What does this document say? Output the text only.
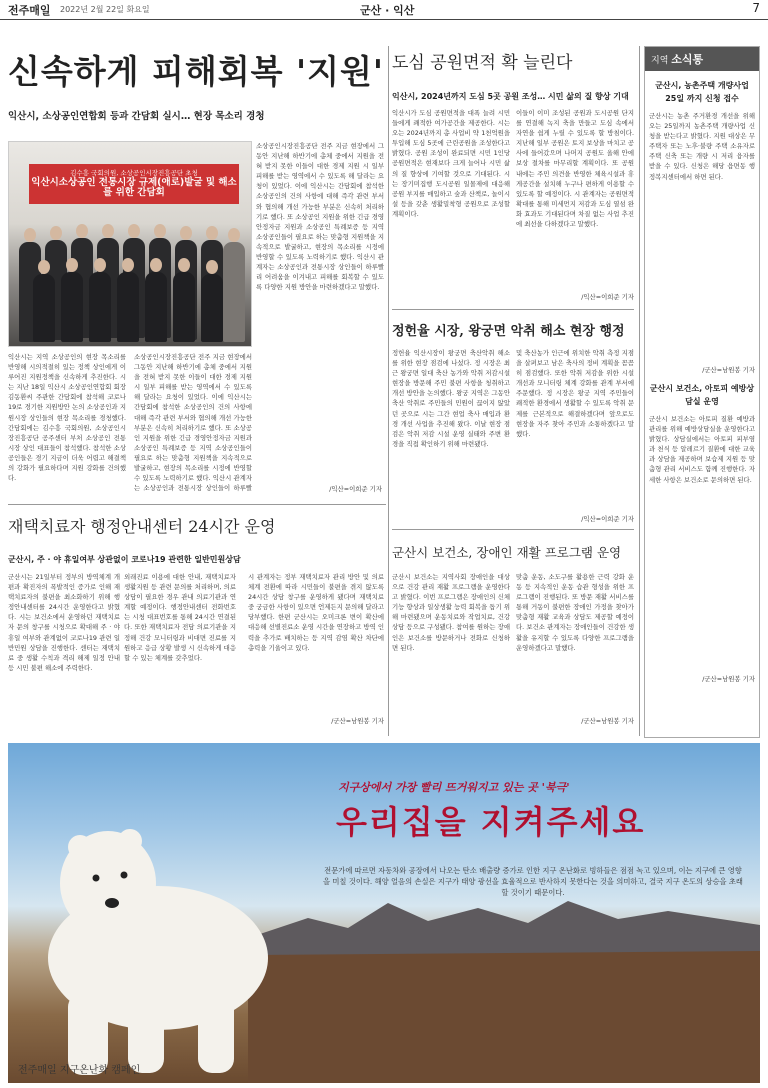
전주매일 2022년 2월 22일 화요일	군산 · 익산	7
신속하게 피해회복 '지원'
익산시, 소상공인연합회 등과 간담회 실시… 현장 목소리 경청
김수흥 국회의원, 소상공인시장진흥공단 초청
익산시소상공인 전통시장 규제(애로)발굴 및 해소를 위한 간담회
소상공인시장진흥공단 전주 지금 현장에서 그동안 지난해 하반기에 총체 중에서 지원을 전혀 받지 못한 이들이 대한 경제 지원 시 일부 피해를 받는 영역에서 수 있도록 해 달라는 요청이 있었다. 이에 익산시는 간담회에 참석한 소상공인의 건의 사항에 대해 즉각 관련 부서와 협의해 개선 가능한 부분은 신속히 처리하기로 했다. 또 소상공인 지원을 위한 긴급 경영안정자금 지원과 소상공인 특례보증 등 지역 소상공인들이 필요로 하는 맞춤형 지원책을 지속적으로 발굴하고, 현장의 목소리를 시정에 반영할 수 있도록 노력하기로 했다. 익산시 관계자는 소상공인과 전통시장 상인들이 하루빨리 어려움을 이겨내고 피해를 회복할 수 있도록 다양한 지원 방안을 마련하겠다고 말했다.
익산시는 지역 소상공인의 현장 목소리를 반영해 시의적절히 있는 정책 상인에게 이루어진 지원정책을 신속하게 추진한다. 시는 지난 18일 익산시 소상공인연합회 회장 김동환씨 주관한 간담회에 참석해 코로나19로 경기한 지원방안 논의 소상공인과 지원시장 상인들의 현장 목소리를 경청했다. 간담회에는 김수흥 국회의원, 소상공인시장진흥공단 공주센터 부처 소상공인 전통시장 상인 대표들이 참석했다. 참석한 소상공인들은 경기 지금이 더욱 어렵고 해결책의 강화가 필요하다며 지원 강화를 건의했다.
소상공인시장진흥공단 전주 지금 현장에서 그동안 지난해 하반기에 총체 중에서 지원을 전혀 받지 못한 이들이 대한 경제 지원 시 일부 피해를 받는 영역에서 수 있도록 해 달라는 요청이 있었다. 이에 익산시는 간담회에 참석한 소상공인의 건의 사항에 대해 즉각 관련 부서와 협의해 개선 가능한 부분은 신속히 처리하기로 했다. 또 소상공인 지원을 위한 긴급 경영안정자금 지원과 소상공인 특례보증 등 지역 소상공인들이 필요로 하는 맞춤형 지원책을 지속적으로 발굴하고, 현장의 목소리를 시정에 반영할 수 있도록 노력하기로 했다. 익산시 관계자는 소상공인과 전통시장 상인들이 하루빨	/익산=이희준 기자
도심 공원면적 확 늘린다
익산시, 2024년까지 도심 5곳 공원 조성… 시민 삶의 질 향상 기대
익산시가 도심 공원면적을 대폭 늘려 시민들에게 쾌적한 여가공간을 제공한다. 시는 오는 2024년까지 총 사업비 약 1천억원을 투입해 도심 5곳에 근린공원을 조성한다고 밝혔다. 공원 조성이 완료되면 시민 1인당 공원면적은 현재보다 크게 늘어나 시민 삶의 질 향상에 기여할 것으로 기대된다. 시는 장기미집행 도시공원 일몰제에 대응해 공원 부지를 매입하고 숲과 산책로, 놀이시설 등을 갖춘 생활밀착형 공원으로 조성할 계획이다.
이들이 이미 조성된 공원과 도시공원 단지를 연결해 녹지 축을 만들고 도심 속에서 자연을 쉽게 누릴 수 있도록 할 방침이다. 지난해 일부 공원은 토지 보상을 마치고 공사에 들어갔으며 나머지 공원도 올해 안에 보상 절차를 마무리할 계획이다. 또 공원 내에는 주민 의견을 반영한 체육시설과 휴게공간을 설치해 누구나 편하게 이용할 수 있도록 할 예정이다. 시 관계자는 공원면적 확대를 통해 미세먼지 저감과 도심 열섬 완화 효과도 기대된다며 차질 없는 사업 추진에 최선을 다하겠다고 말했다.
/익산=이희준 기자
정헌율 시장, 왕궁면 악취 해소 현장 행정
정헌율 익산시장이 왕궁면 축산악취 해소를 위한 현장 점검에 나섰다. 정 시장은 최근 왕궁면 일대 축산 농가와 악취 저감시설 현장을 방문해 주민 불편 사항을 청취하고 개선 방안을 논의했다. 왕궁 지역은 그동안 축산 악취로 주민들의 민원이 끊이지 않았던 곳으로 시는 그간 현업 축사 매입과 환경 개선 사업을 추진해 왔다. 이날 현장 점검은 악취 저감 시설 운영 실태와 주변 환경을 직접 확인하기 위해 마련됐다.
및 축산농가 인근에 위치한 악취 측정 지점을 살펴보고 남은 축사의 정비 계획을 꼼꼼히 점검했다. 또한 악취 저감을 위한 시설 개선과 모니터링 체계 강화를 관계 부서에 주문했다. 정 시장은 왕궁 지역 주민들이 쾌적한 환경에서 생활할 수 있도록 악취 문제를 근본적으로 해결하겠다며 앞으로도 현장을 자주 찾아 주민과 소통하겠다고 말했다.
/익산=이희준 기자
재택치료자 행정안내센터 24시간 운영
군산시, 주 · 야 휴일여부 상관없이 코로나19 관련한 일반민원상담
군산시는 21일부터 정부의 방역체계 개편과 확진자의 폭발적인 증가로 인해 재택치료자의 불편을 최소화하기 위해 행정안내센터를 24시간 운영한다고 밝혔다. 시는 보건소에서 운영하던 재택치료자 문의 창구를 시청으로 확대해 주 · 야 휴일 여부와 관계없이 코로나19 관련 일반민원 상담을 진행한다. 센터는 재택치료 중 생활 수칙과 격리 해제 일정 안내 등 시민 불편 해소에 주력한다.
외래진료 이용에 대한 안내, 재택치료자 생활지원 등 관련 문의를 처리하며, 의료 상담이 필요한 경우 관내 의료기관과 연계할 예정이다. 행정안내센터 전화번호는 시청 대표번호를 통해 24시간 연결된다. 또한 재택치료자 전담 의료기관을 지정해 건강 모니터링과 비대면 진료를 지원하고 응급 상황 발생 시 신속하게 대응할 수 있는 체계를 갖추었다.
시 관계자는 정부 재택치료자 관리 방안 및 의료체계 전환에 따라 시민들이 불편을 겪지 않도록 24시간 상담 창구를 운영하게 됐다며 재택치료 중 궁금한 사항이 있으면 언제든지 문의해 달라고 당부했다. 한편 군산시는 오미크론 변이 확산에 대응해 선별진료소 운영 시간을 연장하고 방역 인력을 추가로 배치하는 등 지역 감염 확산 차단에 총력을 기울이고 있다.
/군산=남원봉 기자
군산시 보건소, 장애인 재활 프로그램 운영
군산시 보건소는 지역사회 장애인을 대상으로 건강 관리 재활 프로그램을 운영한다고 밝혔다. 이번 프로그램은 장애인의 신체 기능 향상과 일상생활 능력 회복을 돕기 위해 마련됐으며 운동치료와 작업치료, 건강 상담 등으로 구성됐다. 참여를 원하는 장애인은 보건소를 방문하거나 전화로 신청하면 된다.
맞춤 운동, 소도구를 활용한 근력 강화 운동 등 지속적인 운동 습관 형성을 위한 프로그램이 진행된다. 또 방문 재활 서비스를 통해 거동이 불편한 장애인 가정을 찾아가 맞춤형 재활 교육과 상담도 제공할 예정이다. 보건소 관계자는 장애인들이 건강한 생활을 유지할 수 있도록 다양한 프로그램을 운영하겠다고 말했다.
/군산=남원봉 기자
지역 소식통
군산시, 농촌주택 개량사업 25일 까지 신청 접수
군산시는 농촌 주거환경 개선을 위해 오는 25일까지 농촌주택 개량사업 신청을 받는다고 밝혔다. 지원 대상은 무주택자 또는 노후·불량 주택 소유자로 주택 신축 또는 개량 시 저리 융자를 받을 수 있다. 신청은 해당 읍면동 행정복지센터에서 하면 된다.
/군산=남원봉 기자
군산시 보건소, 아토피 예방상담실 운영
군산시 보건소는 아토피 질환 예방과 관리를 위해 예방상담실을 운영한다고 밝혔다. 상담실에서는 아토피 피부염과 천식 등 알레르기 질환에 대한 교육과 상담을 제공하며 보습제 지원 등 맞춤형 관리 서비스도 함께 진행한다. 자세한 사항은 보건소로 문의하면 된다.
/군산=남원봉 기자
지구상에서 가장 빨리 뜨거워지고 있는 곳 '북극'
우리집을 지켜주세요
전문가에 따르면 자동차와 공장에서 나오는 탄소 배출량 증가로 인한 지구 온난화로 빙하들은 점점 녹고 있으며, 이는 지구에 큰 영향을 미칠 것이다. 해양 얼음의 손실은 지구가 태양 광선을 효율적으로 반사하지 못한다는 것을 의미하고, 결국 지구 온도의 상승을 초래할 것이기 때문이다.
전주매일 지구온난화 캠페인
